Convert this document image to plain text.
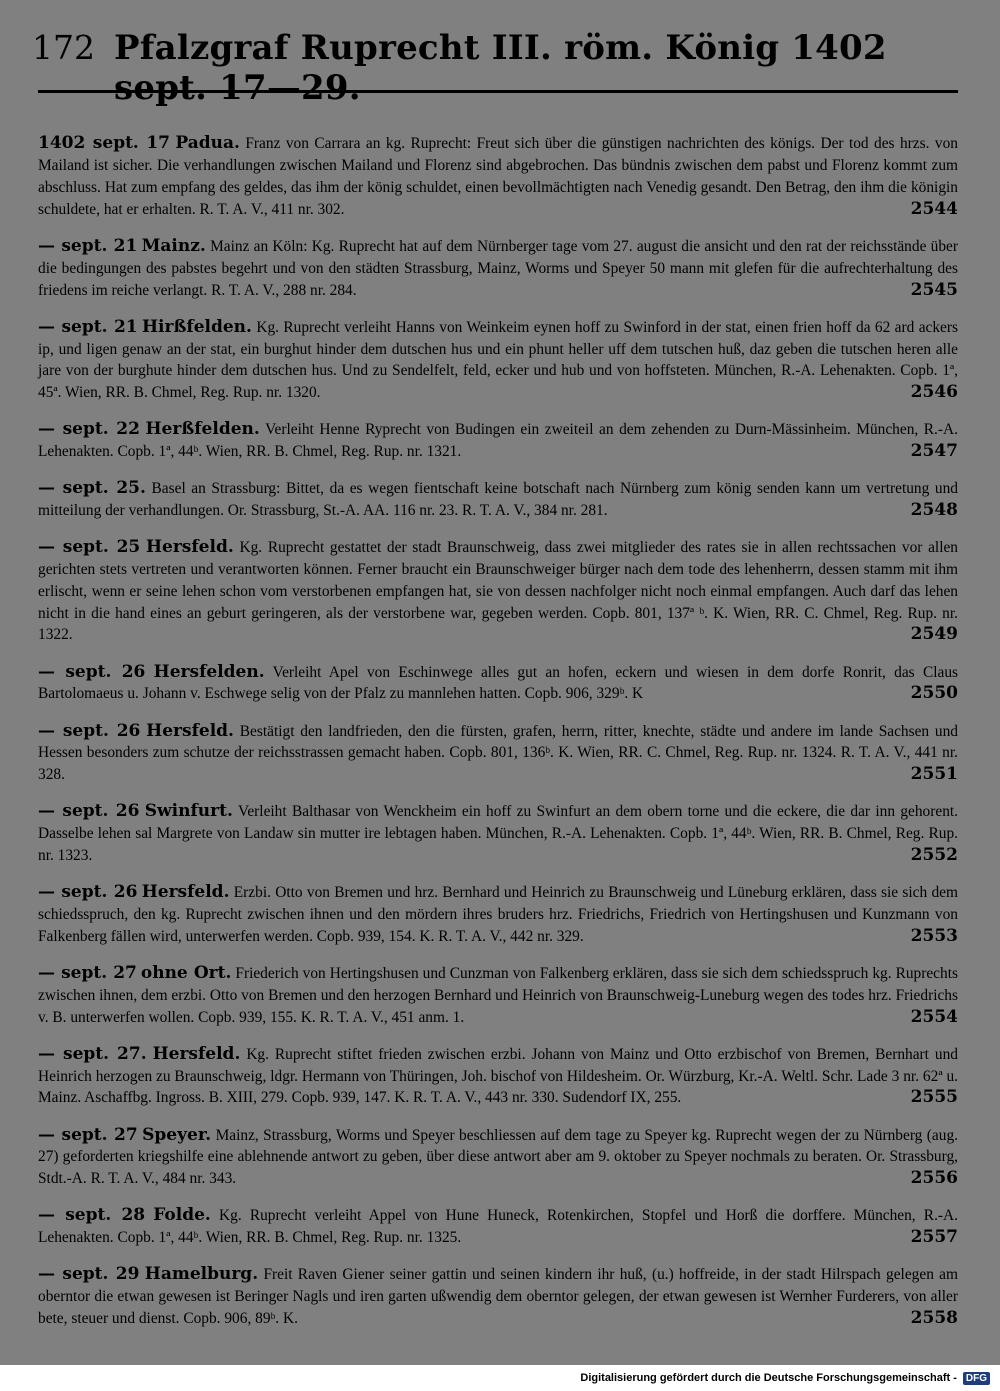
172 Pfalzgraf Ruprecht III. röm. König 1402 sept. 17—29.

1402 sept. 17 Padua. Franz von Carrara an kg. Ruprecht: Freut sich über die günstigen nachrichten des königs. Der tod des hrzs. von Mailand ist sicher. Die verhandlungen zwischen Mailand und Florenz sind abgebrochen. Das bündnis zwischen dem pabst und Florenz kommt zum abschluss. Hat zum empfang des geldes, das ihm der könig schuldet, einen bevollmächtigten nach Venedig gesandt. Den Betrag, den ihm die königin schuldete, hat er erhalten. R. T. A. V., 411 nr. 302.	2544

— sept. 21 Mainz. Mainz an Köln: Kg. Ruprecht hat auf dem Nürnberger tage vom 27. august die ansicht und den rat der reichsstände über die bedingungen des pabstes begehrt und von den städten Strassburg, Mainz, Worms und Speyer 50 mann mit glefen für die aufrechterhaltung des friedens im reiche verlangt. R. T. A. V., 288 nr. 284.	2545

— sept. 21 Hirßfelden. Kg. Ruprecht verleiht Hanns von Weinkeim eynen hoff zu Swinford in der stat, einen frien hoff da 62 ard ackers ip, und ligen genaw an der stat, ein burghut hinder dem dutschen hus und ein phunt heller uff dem tutschen huß, daz geben die tutschen heren alle jare von der burghute hinder dem dutschen hus. Und zu Sendelfelt, feld, ecker und hub und von hoffsteten. München, R.-A. Lehenakten. Copb. 1ª, 45ª. Wien, RR. B. Chmel, Reg. Rup. nr. 1320.	2546

— sept. 22 Herßfelden. Verleiht Henne Ryprecht von Budingen ein zweiteil an dem zehenden zu Durn-Mässinheim. München, R.-A. Lehenakten. Copb. 1ª, 44ᵇ. Wien, RR. B. Chmel, Reg. Rup. nr. 1321.	2547

— sept. 25. Basel an Strassburg: Bittet, da es wegen fientschaft keine botschaft nach Nürnberg zum könig senden kann um vertretung und mitteilung der verhandlungen. Or. Strassburg, St.-A. AA. 116 nr. 23. R. T. A. V., 384 nr. 281.	2548

— sept. 25 Hersfeld. Kg. Ruprecht gestattet der stadt Braunschweig, dass zwei mitglieder des rates sie in allen rechtssachen vor allen gerichten stets vertreten und verantworten können. Ferner braucht ein Braunschweiger bürger nach dem tode des lehenherrn, dessen stamm mit ihm erlischt, wenn er seine lehen schon vom verstorbenen empfangen hat, sie von dessen nachfolger nicht noch einmal empfangen. Auch darf das lehen nicht in die hand eines an geburt geringeren, als der verstorbene war, gegeben werden. Copb. 801, 137ª ᵇ. K. Wien, RR. C. Chmel, Reg. Rup. nr. 1322.	2549

— sept. 26 Hersfelden. Verleiht Apel von Eschinwege alles gut an hofen, eckern und wiesen in dem dorfe Ronrit, das Claus Bartolomaeus u. Johann v. Eschwege selig von der Pfalz zu mannlehen hatten. Copb. 906, 329ᵇ. K	2550

— sept. 26 Hersfeld. Bestätigt den landfrieden, den die fürsten, grafen, herrn, ritter, knechte, städte und andere im lande Sachsen und Hessen besonders zum schutze der reichsstrassen gemacht haben. Copb. 801, 136ᵇ. K. Wien, RR. C. Chmel, Reg. Rup. nr. 1324. R. T. A. V., 441 nr. 328.	2551

— sept. 26 Swinfurt. Verleiht Balthasar von Wenckheim ein hoff zu Swinfurt an dem obern torne und die eckere, die dar inn gehorent. Dasselbe lehen sal Margrete von Landaw sin mutter ire lebtagen haben. München, R.-A. Lehenakten. Copb. 1ª, 44ᵇ. Wien, RR. B. Chmel, Reg. Rup. nr. 1323.	2552

— sept. 26 Hersfeld. Erzbi. Otto von Bremen und hrz. Bernhard und Heinrich zu Braunschweig und Lüneburg erklären, dass sie sich dem schiedsspruch, den kg. Ruprecht zwischen ihnen und den mördern ihres bruders hrz. Friedrichs, Friedrich von Hertingshusen und Kunzmann von Falkenberg fällen wird, unterwerfen werden. Copb. 939, 154. K. R. T. A. V., 442 nr. 329.	2553

— sept. 27 ohne Ort. Friederich von Hertingshusen und Cunzman von Falkenberg erklären, dass sie sich dem schiedsspruch kg. Ruprechts zwischen ihnen, dem erzbi. Otto von Bremen und den herzogen Bernhard und Heinrich von Braunschweig-Luneburg wegen des todes hrz. Friedrichs v. B. unterwerfen wollen. Copb. 939, 155. K. R. T. A. V., 451 anm. 1.	2554

— sept. 27. Hersfeld. Kg. Ruprecht stiftet frieden zwischen erzbi. Johann von Mainz und Otto erzbischof von Bremen, Bernhart und Heinrich herzogen zu Braunschweig, ldgr. Hermann von Thüringen, Joh. bischof von Hildesheim. Or. Würzburg, Kr.-A. Weltl. Schr. Lade 3 nr. 62ª u. Mainz. Aschaffbg. Ingross. B. XIII, 279. Copb. 939, 147. K. R. T. A. V., 443 nr. 330. Sudendorf IX, 255.	2555

— sept. 27 Speyer. Mainz, Strassburg, Worms und Speyer beschliessen auf dem tage zu Speyer kg. Ruprecht wegen der zu Nürnberg (aug. 27) geforderten kriegshilfe eine ablehnende antwort zu geben, über diese antwort aber am 9. oktober zu Speyer nochmals zu beraten. Or. Strassburg, Stdt.-A. R. T. A. V., 484 nr. 343.	2556

— sept. 28 Folde. Kg. Ruprecht verleiht Appel von Hune Huneck, Rotenkirchen, Stopfel und Horß die dorffere. München, R.-A. Lehenakten. Copb. 1ª, 44ᵇ. Wien, RR. B. Chmel, Reg. Rup. nr. 1325.	2557

— sept. 29 Hamelburg. Freit Raven Giener seiner gattin und seinen kindern ihr huß, (u.) hoffreide, in der stadt Hilrspach gelegen am oberntor die etwan gewesen ist Beringer Nagls und iren garten ußwendig dem oberntor gelegen, der etwan gewesen ist Wernher Furderers, von aller bete, steuer und dienst. Copb. 906, 89ᵇ. K.	2558

Digitalisierung gefördert durch die Deutsche Forschungsgemeinschaft - DFG
